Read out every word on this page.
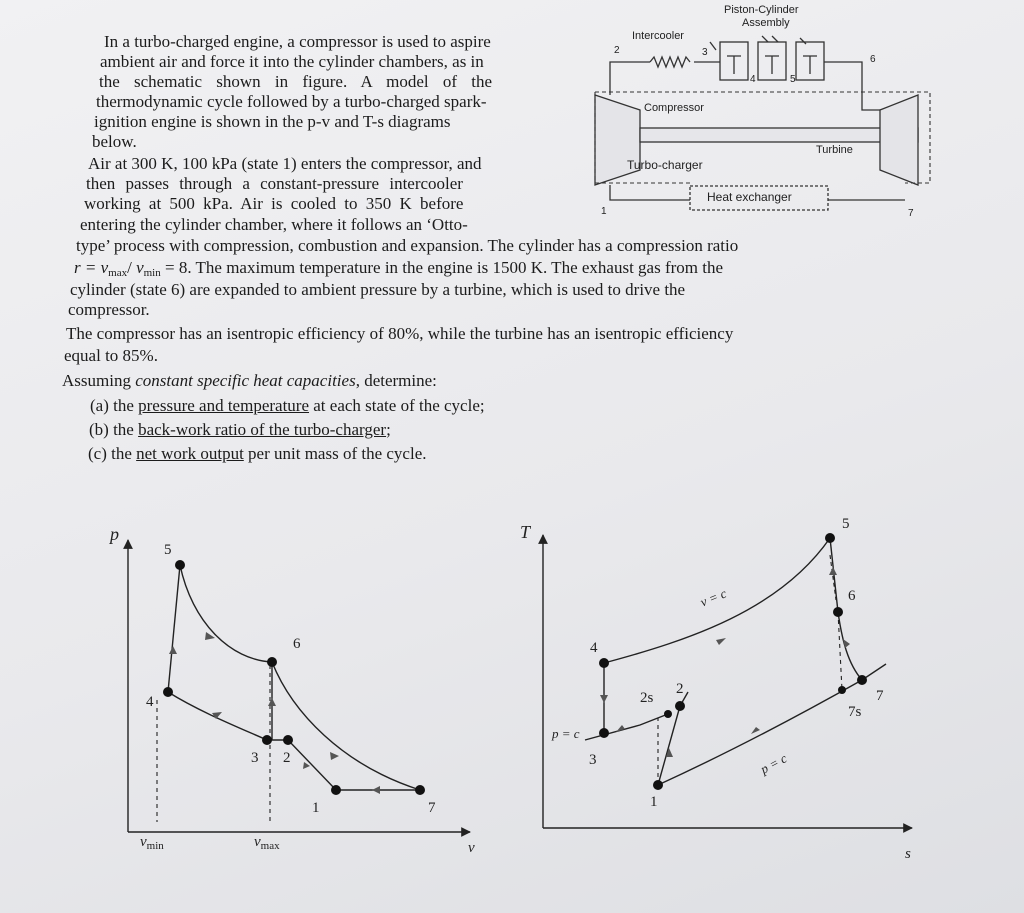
In a turbo-charged engine, a compressor is used to aspire
ambient air and force it into the cylinder chambers, as in
the schematic shown in figure. A model of the
thermodynamic cycle followed by a turbo-charged spark-
ignition engine is shown in the p-v and T-s diagrams
below.
Air at 300 K, 100 kPa (state 1) enters the compressor, and
then passes through a constant-pressure intercooler
working at 500 kPa. Air is cooled to 350 K before
entering the cylinder chamber, where it follows an ‘Otto-
type’ process with compression, combustion and expansion. The cylinder has a compression ratio
$r = v_{max}/$ $v_{min} = 8$. The maximum temperature in the engine is 1500 K. The exhaust gas from the
cylinder (state 6) are expanded to ambient pressure by a turbine, which is used to drive the
compressor.
The compressor has an isentropic efficiency of 80%, while the turbine has an isentropic efficiency
equal to 85%.
Assuming constant specific heat capacities, determine:
(a) the pressure and temperature at each state of the cycle;
(b) the back-work ratio of the turbo-charger;
(c) the net work output per unit mass of the cycle.
Piston-Cylinder
Assembly
Intercooler
Compressor
Turbine
Turbo-charger
Heat exchanger
2	3
4	5
6
1	7
p
v
$v_{min}$	$v_{max}$
5
6
4
3 2
1	7
T
s
v = c
p = c
p = c
5
6
4
3
2s
2
1
7
7s
